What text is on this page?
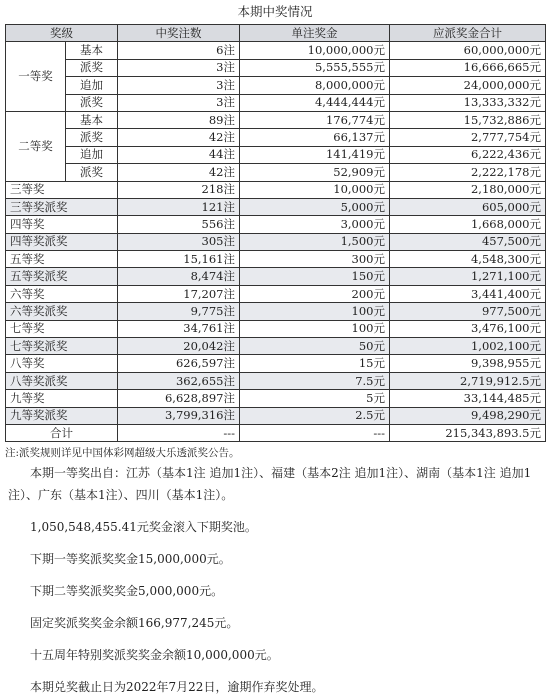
本期中奖情况
奖级		中奖注数	单注奖金	应派奖金合计
一等奖	基本	6注	10,000,000元	60,000,000元
	派奖	3注	5,555,555元	16,666,665元
	追加	3注	8,000,000元	24,000,000元
	派奖	3注	4,444,444元	13,333,332元
二等奖	基本	89注	176,774元	15,732,886元
	派奖	42注	66,137元	2,777,754元
	追加	44注	141,419元	6,222,436元
	派奖	42注	52,909元	2,222,178元
三等奖		218注	10,000元	2,180,000元
三等奖派奖		121注	5,000元	605,000元
四等奖		556注	3,000元	1,668,000元
四等奖派奖		305注	1,500元	457,500元
五等奖		15,161注	300元	4,548,300元
五等奖派奖		8,474注	150元	1,271,100元
六等奖		17,207注	200元	3,441,400元
六等奖派奖		9,775注	100元	977,500元
七等奖		34,761注	100元	3,476,100元
七等奖派奖		20,042注	50元	1,002,100元
八等奖		626,597注	15元	9,398,955元
八等奖派奖		362,655注	7.5元	2,719,912.5元
九等奖		6,628,897注	5元	33,144,485元
九等奖派奖		3,799,316注	2.5元	9,498,290元
合计		---	---	215,343,893.5元
注:派奖规则详见中国体彩网超级大乐透派奖公告。

本期一等奖出自：江苏（基本1注 追加1注）、福建（基本2注 追加1注）、湖南（基本1注 追加1注）、广东（基本1注）、四川（基本1注）。

1,050,548,455.41元奖金滚入下期奖池。

下期一等奖派奖奖金15,000,000元。

下期二等奖派奖奖金5,000,000元。

固定奖派奖奖金余额166,977,245元。

十五周年特别奖派奖奖金余额10,000,000元。

本期兑奖截止日为2022年7月22日，逾期作弃奖处理。
